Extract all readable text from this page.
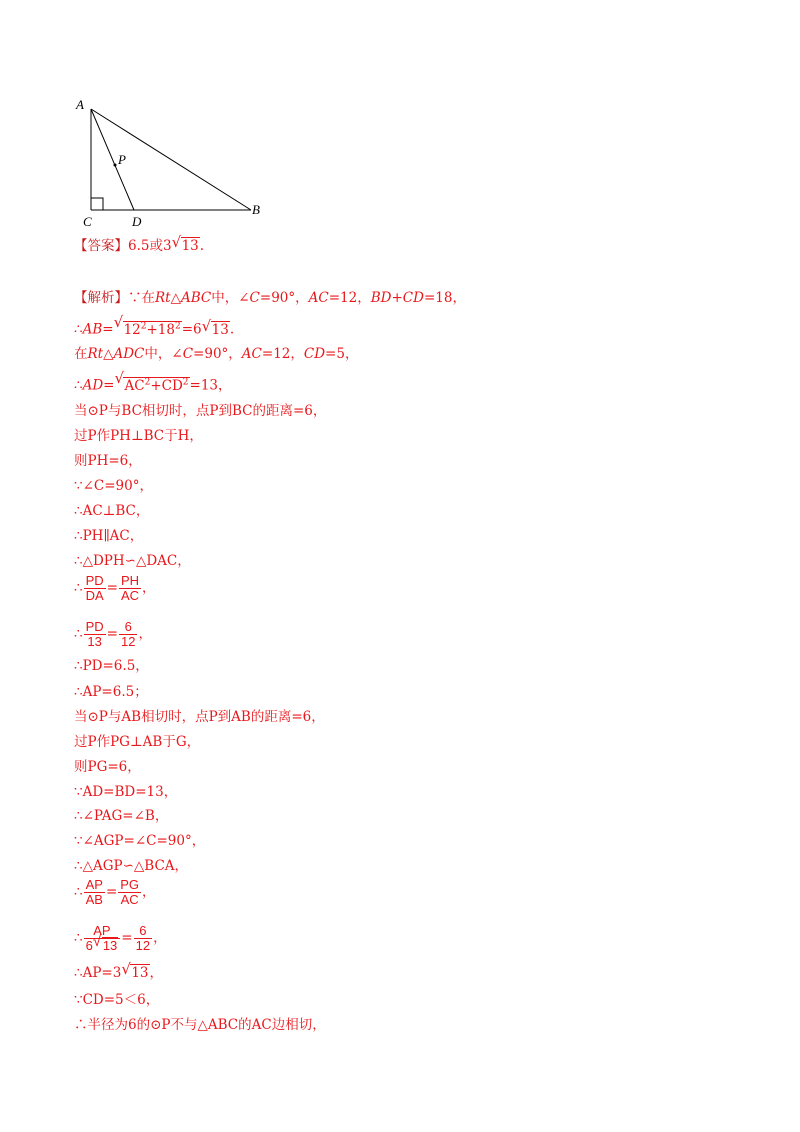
A
P
C	D
B
【答案】6.5或3 √ 13.
【解析】∵在Rt△ABC中，∠C=90°，AC=12，BD+CD=18，
∴AB= √ $12^2+18^2=6$ √ 13.
在Rt△ADC中，∠C=90°，AC=12，CD=5，
∴AD= √ $AC^2+CD^2=13$，
当⊙P与BC相切时，点P到BC的距离=6，
过P作PH⊥BC于H，
则PH=6，
∵∠C=90°，
∴AC⊥BC，
∴PH∥AC，
∴△DPH∽△DAC，
∴ $\frac{PD}{DA} = \frac{PH}{AC}$ ，
∴ $\frac{PD}{13} = \frac{6}{12}$ ，
∴PD=6.5，
∴AP=6.5；
当⊙P与AB相切时，点P到AB的距离=6，
过P作PG⊥AB于G，
则PG=6，
∵AD=BD=13，
∴∠PAG=∠B，
∵∠AGP=∠C=90°，
∴△AGP∽△BCA，
∴ $\frac{AP}{AB} = \frac{PG}{AC}$ ，
∴ $\frac{AP}{6 √ 13} = \frac{6}{12}$ ，
∴AP=3 √ 13，
∵CD=5＜6，
∴半径为6的⊙P不与△ABC的AC边相切，
